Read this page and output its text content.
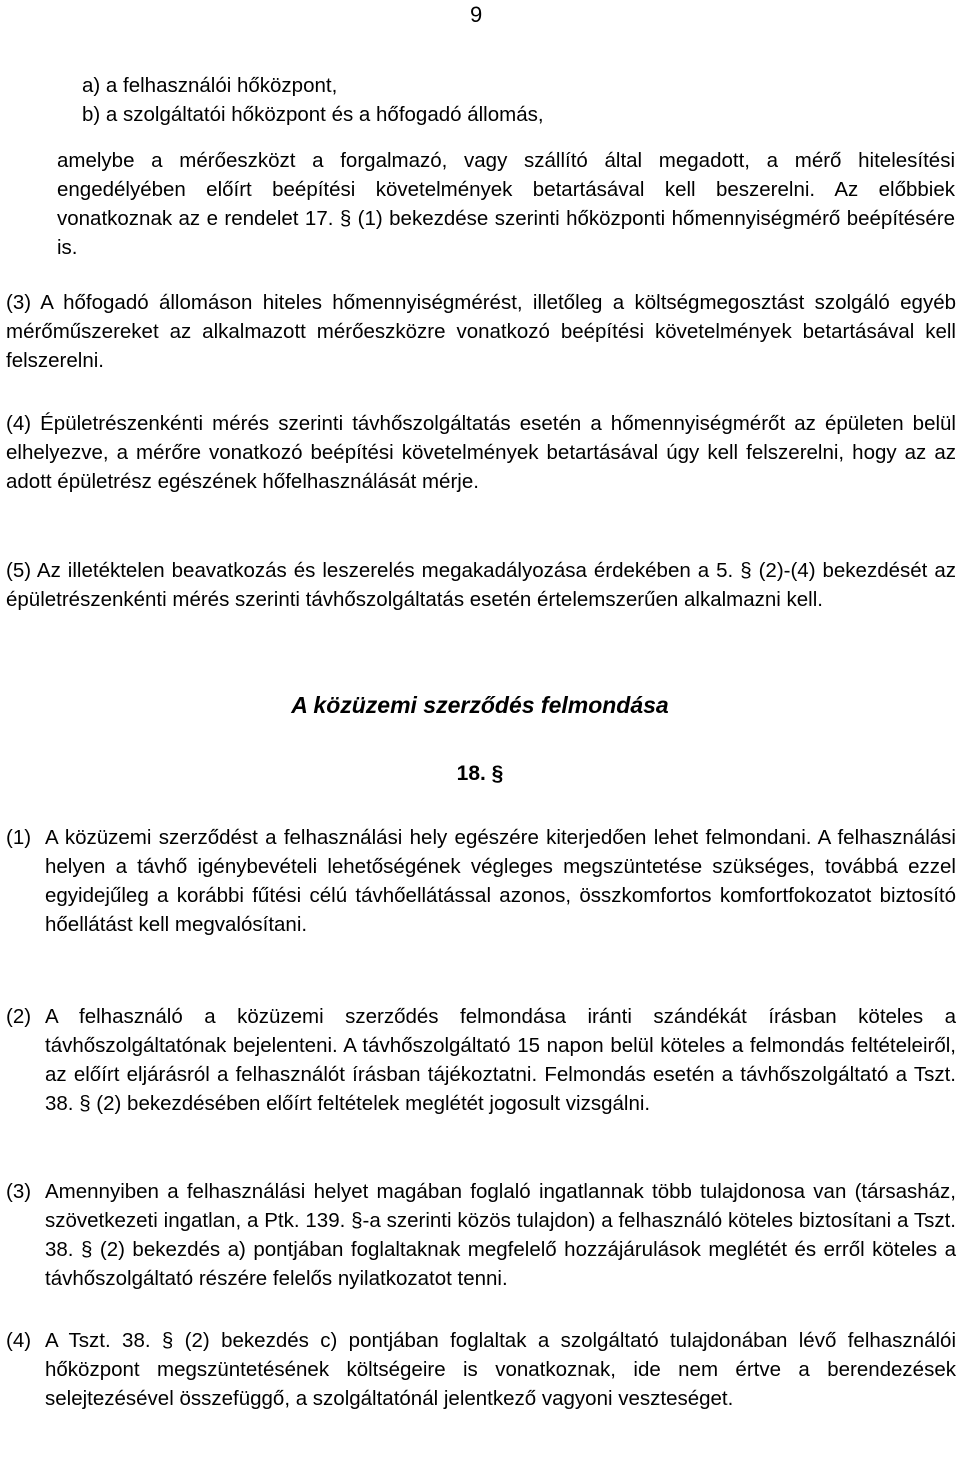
9
a) a felhasználói hőközpont,
b) a szolgáltatói hőközpont és a hőfogadó állomás,

amelybe a mérőeszközt a forgalmazó, vagy szállító által megadott, a mérő hitelesítési engedélyében előírt beépítési követelmények betartásával kell beszerelni. Az előbbiek vonatkoznak az e rendelet 17. § (1) bekezdése szerinti hőközponti hőmennyiségmérő beépítésére is.

(3) A hőfogadó állomáson hiteles hőmennyiségmérést, illetőleg a költségmegosztást szolgáló egyéb mérőműszereket az alkalmazott mérőeszközre vonatkozó beépítési követelmények betartásával kell felszerelni.

(4) Épületrészenkénti mérés szerinti távhőszolgáltatás esetén a hőmennyiségmérőt az épületen belül elhelyezve, a mérőre vonatkozó beépítési követelmények betartásával úgy kell felszerelni, hogy az az adott épületrész egészének hőfelhasználását mérje.

(5) Az illetéktelen beavatkozás és leszerelés megakadályozása érdekében a 5. § (2)-(4) bekezdését az épületrészenkénti mérés szerinti távhőszolgáltatás esetén értelemszerűen alkalmazni kell.

A közüzemi szerződés felmondása
18. §
(1) A közüzemi szerződést a felhasználási hely egészére kiterjedően lehet felmondani. A felhasználási helyen a távhő igénybevételi lehetőségének végleges megszüntetése szükséges, továbbá ezzel egyidejűleg a korábbi fűtési célú távhőellátással azonos, összkomfortos komfortfokozatot biztosító hőellátást kell megvalósítani.
(2) A felhasználó a közüzemi szerződés felmondása iránti szándékát írásban köteles a távhőszolgáltatónak bejelenteni. A távhőszolgáltató 15 napon belül köteles a felmondás feltételeiről, az előírt eljárásról a felhasználót írásban tájékoztatni. Felmondás esetén a távhőszolgáltató a Tszt. 38. § (2) bekezdésében előírt feltételek meglétét jogosult vizsgálni.
(3) Amennyiben a felhasználási helyet magában foglaló ingatlannak több tulajdonosa van (társasház, szövetkezeti ingatlan, a Ptk. 139. §-a szerinti közös tulajdon) a felhasználó köteles biztosítani a Tszt. 38. § (2) bekezdés a) pontjában foglaltaknak megfelelő hozzájárulások meglétét és erről köteles a távhőszolgáltató részére felelős nyilatkozatot tenni.
(4) A Tszt. 38. § (2) bekezdés c) pontjában foglaltak a szolgáltató tulajdonában lévő felhasználói hőközpont megszüntetésének költségeire is vonatkoznak, ide nem értve a berendezések selejtezésével összefüggő, a szolgáltatónál jelentkező vagyoni veszteséget.
